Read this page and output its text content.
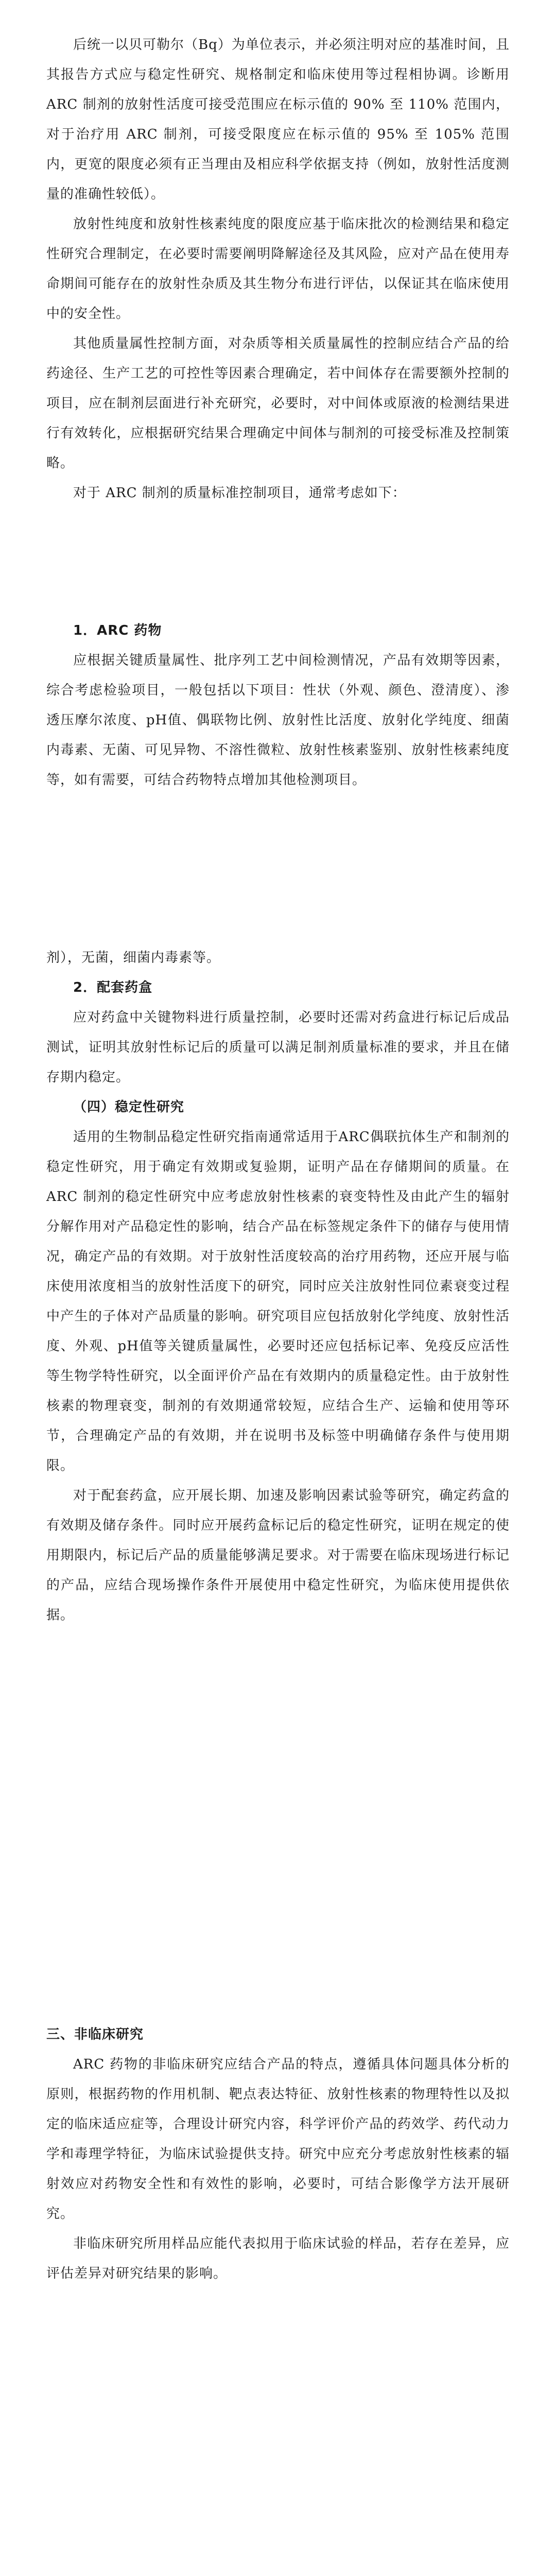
后统一以贝可勒尔（Bq）为单位表示，并必须注明对应的基准时间，且其报告方式应与稳定性研究、规格制定和临床使用等过程相协调。诊断用 ARC 制剂的放射性活度可接受范围应在标示值的 90% 至 110% 范围内，对于治疗用 ARC 制剂，可接受限度应在标示值的 95% 至 105% 范围内，更宽的限度必须有正当理由及相应科学依据支持（例如，放射性活度测量的准确性较低）。

放射性纯度和放射性核素纯度的限度应基于临床批次的检测结果和稳定性研究合理制定，在必要时需要阐明降解途径及其风险，应对产品在使用寿命期间可能存在的放射性杂质及其生物分布进行评估，以保证其在临床使用中的安全性。

其他质量属性控制方面，对杂质等相关质量属性的控制应结合产品的给药途径、生产工艺的可控性等因素合理确定，若中间体存在需要额外控制的项目，应在制剂层面进行补充研究，必要时，对中间体或原液的检测结果进行有效转化，应根据研究结果合理确定中间体与制剂的可接受标准及控制策略。

对于 ARC 制剂的质量标准控制项目，通常考虑如下：

1．ARC 药物

应根据关键质量属性、批序列工艺中间检测情况，产品有效期等因素，综合考虑检验项目，一般包括以下项目：性状（外观、颜色、澄清度）、渗透压摩尔浓度、pH值、偶联物比例、放射性比活度、放射化学纯度、细菌内毒素、无菌、可见异物、不溶性微粒、放射性核素鉴别、放射性核素纯度等，如有需要，可结合药物特点增加其他检测项目。

剂），无菌，细菌内毒素等。

2．配套药盒

应对药盒中关键物料进行质量控制，必要时还需对药盒进行标记后成品测试，证明其放射性标记后的质量可以满足制剂质量标准的要求，并且在储存期内稳定。

（四）稳定性研究

适用的生物制品稳定性研究指南通常适用于ARC偶联抗体生产和制剂的稳定性研究，用于确定有效期或复验期，证明产品在存储期间的质量。在ARC 制剂的稳定性研究中应考虑放射性核素的衰变特性及由此产生的辐射分解作用对产品稳定性的影响，结合产品在标签规定条件下的储存与使用情况，确定产品的有效期。对于放射性活度较高的治疗用药物，还应开展与临床使用浓度相当的放射性活度下的研究，同时应关注放射性同位素衰变过程中产生的子体对产品质量的影响。研究项目应包括放射化学纯度、放射性活度、外观、pH值等关键质量属性，必要时还应包括标记率、免疫反应活性等生物学特性研究，以全面评价产品在有效期内的质量稳定性。由于放射性核素的物理衰变，制剂的有效期通常较短，应结合生产、运输和使用等环节，合理确定产品的有效期，并在说明书及标签中明确储存条件与使用期限。

对于配套药盒，应开展长期、加速及影响因素试验等研究，确定药盒的有效期及储存条件。同时应开展药盒标记后的稳定性研究，证明在规定的使用期限内，标记后产品的质量能够满足要求。对于需要在临床现场进行标记的产品，应结合现场操作条件开展使用中稳定性研究，为临床使用提供依据。

三、非临床研究

ARC 药物的非临床研究应结合产品的特点，遵循具体问题具体分析的原则，根据药物的作用机制、靶点表达特征、放射性核素的物理特性以及拟定的临床适应症等，合理设计研究内容，科学评价产品的药效学、药代动力学和毒理学特征，为临床试验提供支持。研究中应充分考虑放射性核素的辐射效应对药物安全性和有效性的影响，必要时，可结合影像学方法开展研究。

非临床研究所用样品应能代表拟用于临床试验的样品，若存在差异，应评估差异对研究结果的影响。
